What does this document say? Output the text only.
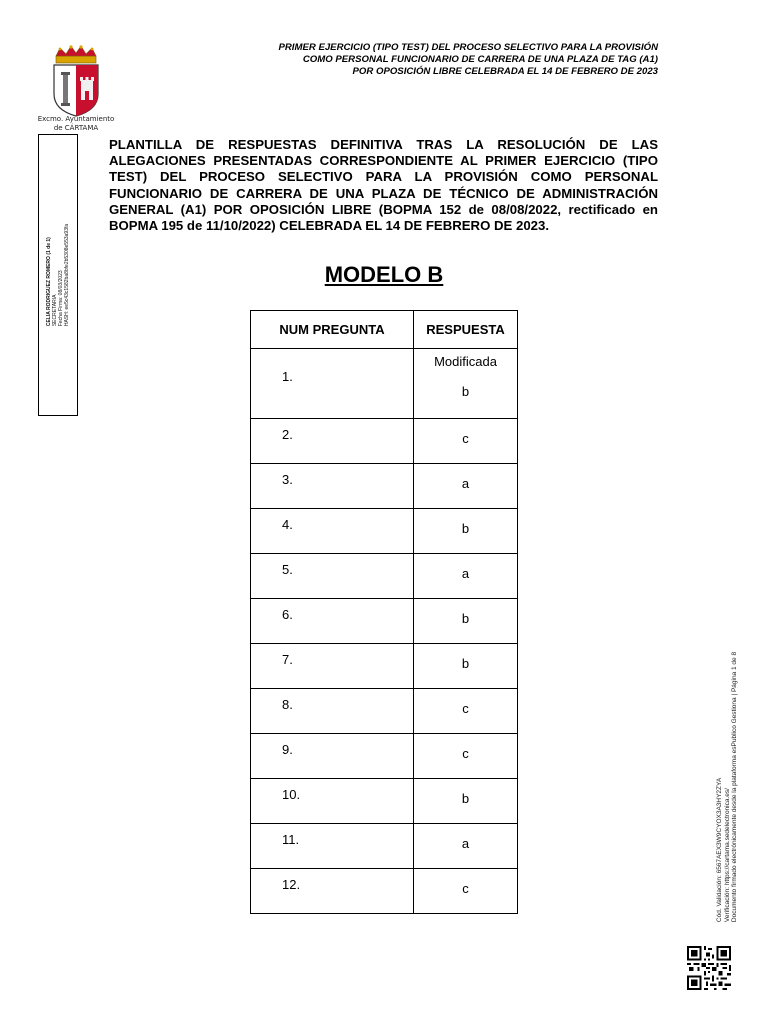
Excmo. Ayuntamiento
de CÁRTAMA
PRIMER EJERCICIO (TIPO TEST) DEL PROCESO SELECTIVO PARA LA PROVISIÓN
COMO PERSONAL FUNCIONARIO DE CARRERA DE UNA PLAZA DE TAG (A1)
POR OPOSICIÓN LIBRE CELEBRADA EL 14 DE FEBRERO DE 2023
CELIA RODRIGUEZ ROMERO (1 de 1) SECRETARIA Fecha Firma: 08/03/2023 HASH: ee5c43c1582ba8bfe2b5308e553a93fa

PLANTILLA DE RESPUESTAS DEFINITIVA TRAS LA RESOLUCIÓN DE LAS ALEGACIONES PRESENTADAS CORRESPONDIENTE AL PRIMER EJERCICIO (TIPO TEST) DEL PROCESO SELECTIVO PARA LA PROVISIÓN COMO PERSONAL FUNCIONARIO DE CARRERA DE UNA PLAZA DE TÉCNICO DE ADMINISTRACIÓN GENERAL (A1) POR OPOSICIÓN LIBRE (BOPMA 152 de 08/08/2022, rectificado en BOPMA 195 de 11/10/2022) CELEBRADA EL 14 DE FEBRERO DE 2023.

MODELO B
NUM PREGUNTA	RESPUESTA
1.	Modificada
b

2.	c
3.	a
4.	b
5.	a
6.	b
7.	b
8.	c
9.	c
10.	b
11.	a
12.	c	Cód. Validación: 6567AEX3W9CYOX3A3HY2ZYA Verificación: https://cartama.sedelectronica.es/ Documento firmado electrónicamente desde la plataforma esPublico Gestiona | Página 1 de 8
